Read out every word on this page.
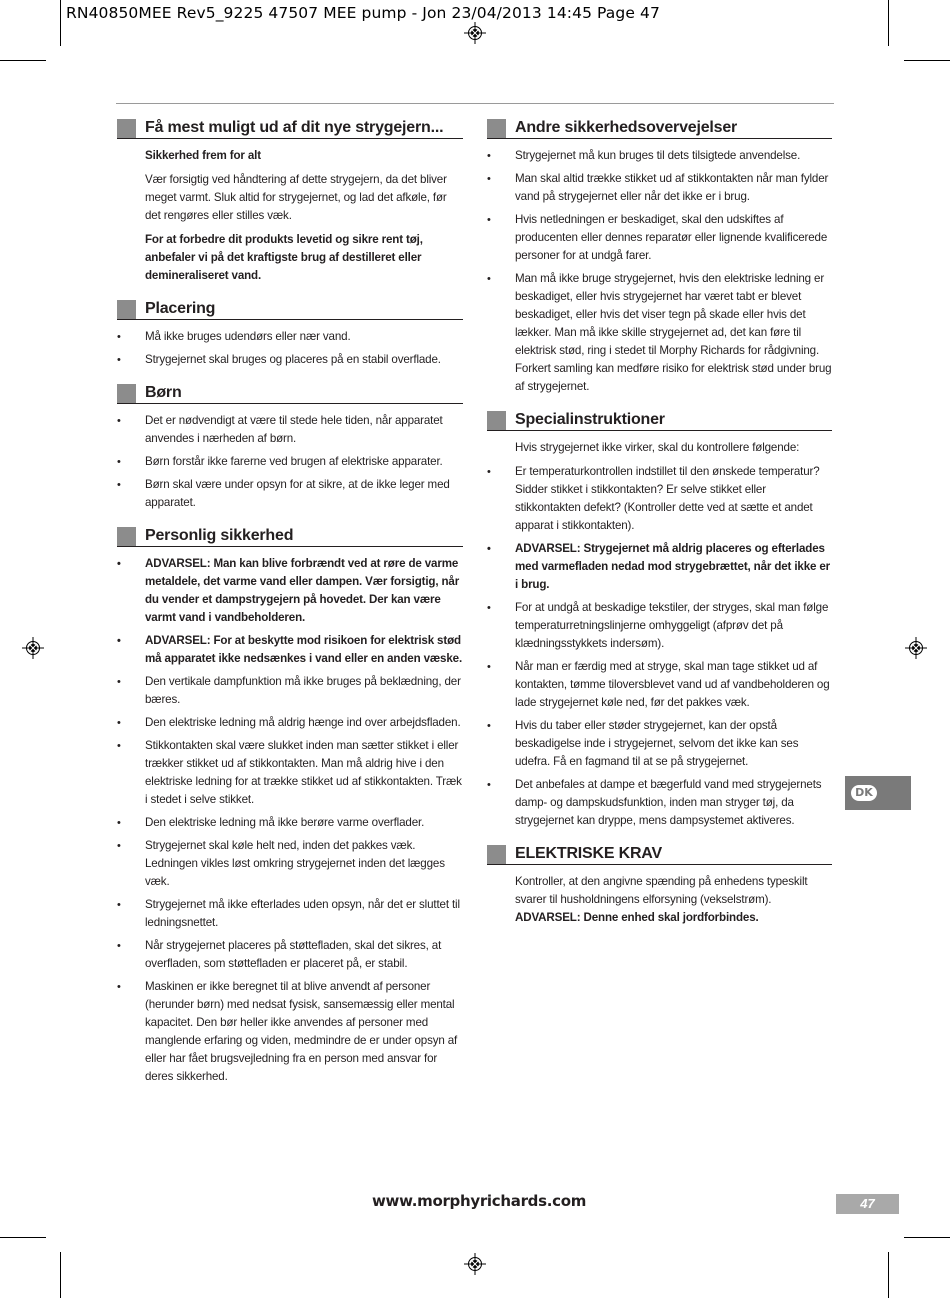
RN40850MEE Rev5_9225 47507 MEE pump - Jon 23/04/2013 14:45 Page 47
Få mest muligt ud af dit nye strygejern...

Sikkerhed frem for alt

Vær forsigtig ved håndtering af dette strygejern, da det bliver meget varmt. Sluk altid for strygejernet, og lad det afkøle, før det rengøres eller stilles væk.

For at forbedre dit produkts levetid og sikre rent tøj, anbefaler vi på det kraftigste brug af destilleret eller demineraliseret vand.

Placering
• Må ikke bruges udendørs eller nær vand.
• Strygejernet skal bruges og placeres på en stabil overflade.
Børn
• Det er nødvendigt at være til stede hele tiden, når apparatet anvendes i nærheden af børn.
• Børn forstår ikke farerne ved brugen af elektriske apparater.
• Børn skal være under opsyn for at sikre, at de ikke leger med apparatet.
Personlig sikkerhed
• ADVARSEL: Man kan blive forbrændt ved at røre de varme metaldele, det varme vand eller dampen. Vær forsigtig, når du vender et dampstrygejern på hovedet. Der kan være varmt vand i vandbeholderen.
• ADVARSEL: For at beskytte mod risikoen for elektrisk stød må apparatet ikke nedsænkes i vand eller en anden væske.
• Den vertikale dampfunktion må ikke bruges på beklædning, der bæres.
• Den elektriske ledning må aldrig hænge ind over arbejdsfladen.
• Stikkontakten skal være slukket inden man sætter stikket i eller trækker stikket ud af stikkontakten. Man må aldrig hive i den elektriske ledning for at trække stikket ud af stikkontakten. Træk i stedet i selve stikket.
• Den elektriske ledning må ikke berøre varme overflader.
• Strygejernet skal køle helt ned, inden det pakkes væk. Ledningen vikles løst omkring strygejernet inden det lægges væk.
• Strygejernet må ikke efterlades uden opsyn, når det er sluttet til ledningsnettet.
• Når strygejernet placeres på støttefladen, skal det sikres, at overfladen, som støttefladen er placeret på, er stabil.
• Maskinen er ikke beregnet til at blive anvendt af personer (herunder børn) med nedsat fysisk, sansemæssig eller mental kapacitet. Den bør heller ikke anvendes af personer med manglende erfaring og viden, medmindre de er under opsyn af eller har fået brugsvejledning fra en person med ansvar for deres sikkerhed.
Andre sikkerhedsovervejelser
• Strygejernet må kun bruges til dets tilsigtede anvendelse.
• Man skal altid trække stikket ud af stikkontakten når man fylder vand på strygejernet eller når det ikke er i brug.
• Hvis netledningen er beskadiget, skal den udskiftes af producenten eller dennes reparatør eller lignende kvalificerede personer for at undgå farer.
• Man må ikke bruge strygejernet, hvis den elektriske ledning er beskadiget, eller hvis strygejernet har været tabt er blevet beskadiget, eller hvis det viser tegn på skade eller hvis det lækker. Man må ikke skille strygejernet ad, det kan føre til elektrisk stød, ring i stedet til Morphy Richards for rådgivning. Forkert samling kan medføre risiko for elektrisk stød under brug af strygejernet.
Specialinstruktioner

Hvis strygejernet ikke virker, skal du kontrollere følgende:

• Er temperaturkontrollen indstillet til den ønskede temperatur? Sidder stikket i stikkontakten? Er selve stikket eller stikkontakten defekt? (Kontroller dette ved at sætte et andet apparat i stikkontakten).
• ADVARSEL: Strygejernet må aldrig placeres og efterlades med varmefladen nedad mod strygebrættet, når det ikke er i brug.
• For at undgå at beskadige tekstiler, der stryges, skal man følge temperaturretningslinjerne omhyggeligt (afprøv det på klædningsstykkets indersøm).
• Når man er færdig med at stryge, skal man tage stikket ud af kontakten, tømme tiloversblevet vand ud af vandbeholderen og lade strygejernet køle ned, før det pakkes væk.
• Hvis du taber eller støder strygejernet, kan der opstå beskadigelse inde i strygejernet, selvom det ikke kan ses udefra. Få en fagmand til at se på strygejernet.
• Det anbefales at dampe et bægerfuld vand med strygejernets damp- og dampskudsfunktion, inden man stryger tøj, da strygejernet kan dryppe, mens dampsystemet aktiveres.
ELEKTRISKE KRAV

Kontroller, at den angivne spænding på enhedens typeskilt svarer til husholdningens elforsyning (vekselstrøm).

ADVARSEL: Denne enhed skal jordforbindes.

DK
www.morphyrichards.com	47
